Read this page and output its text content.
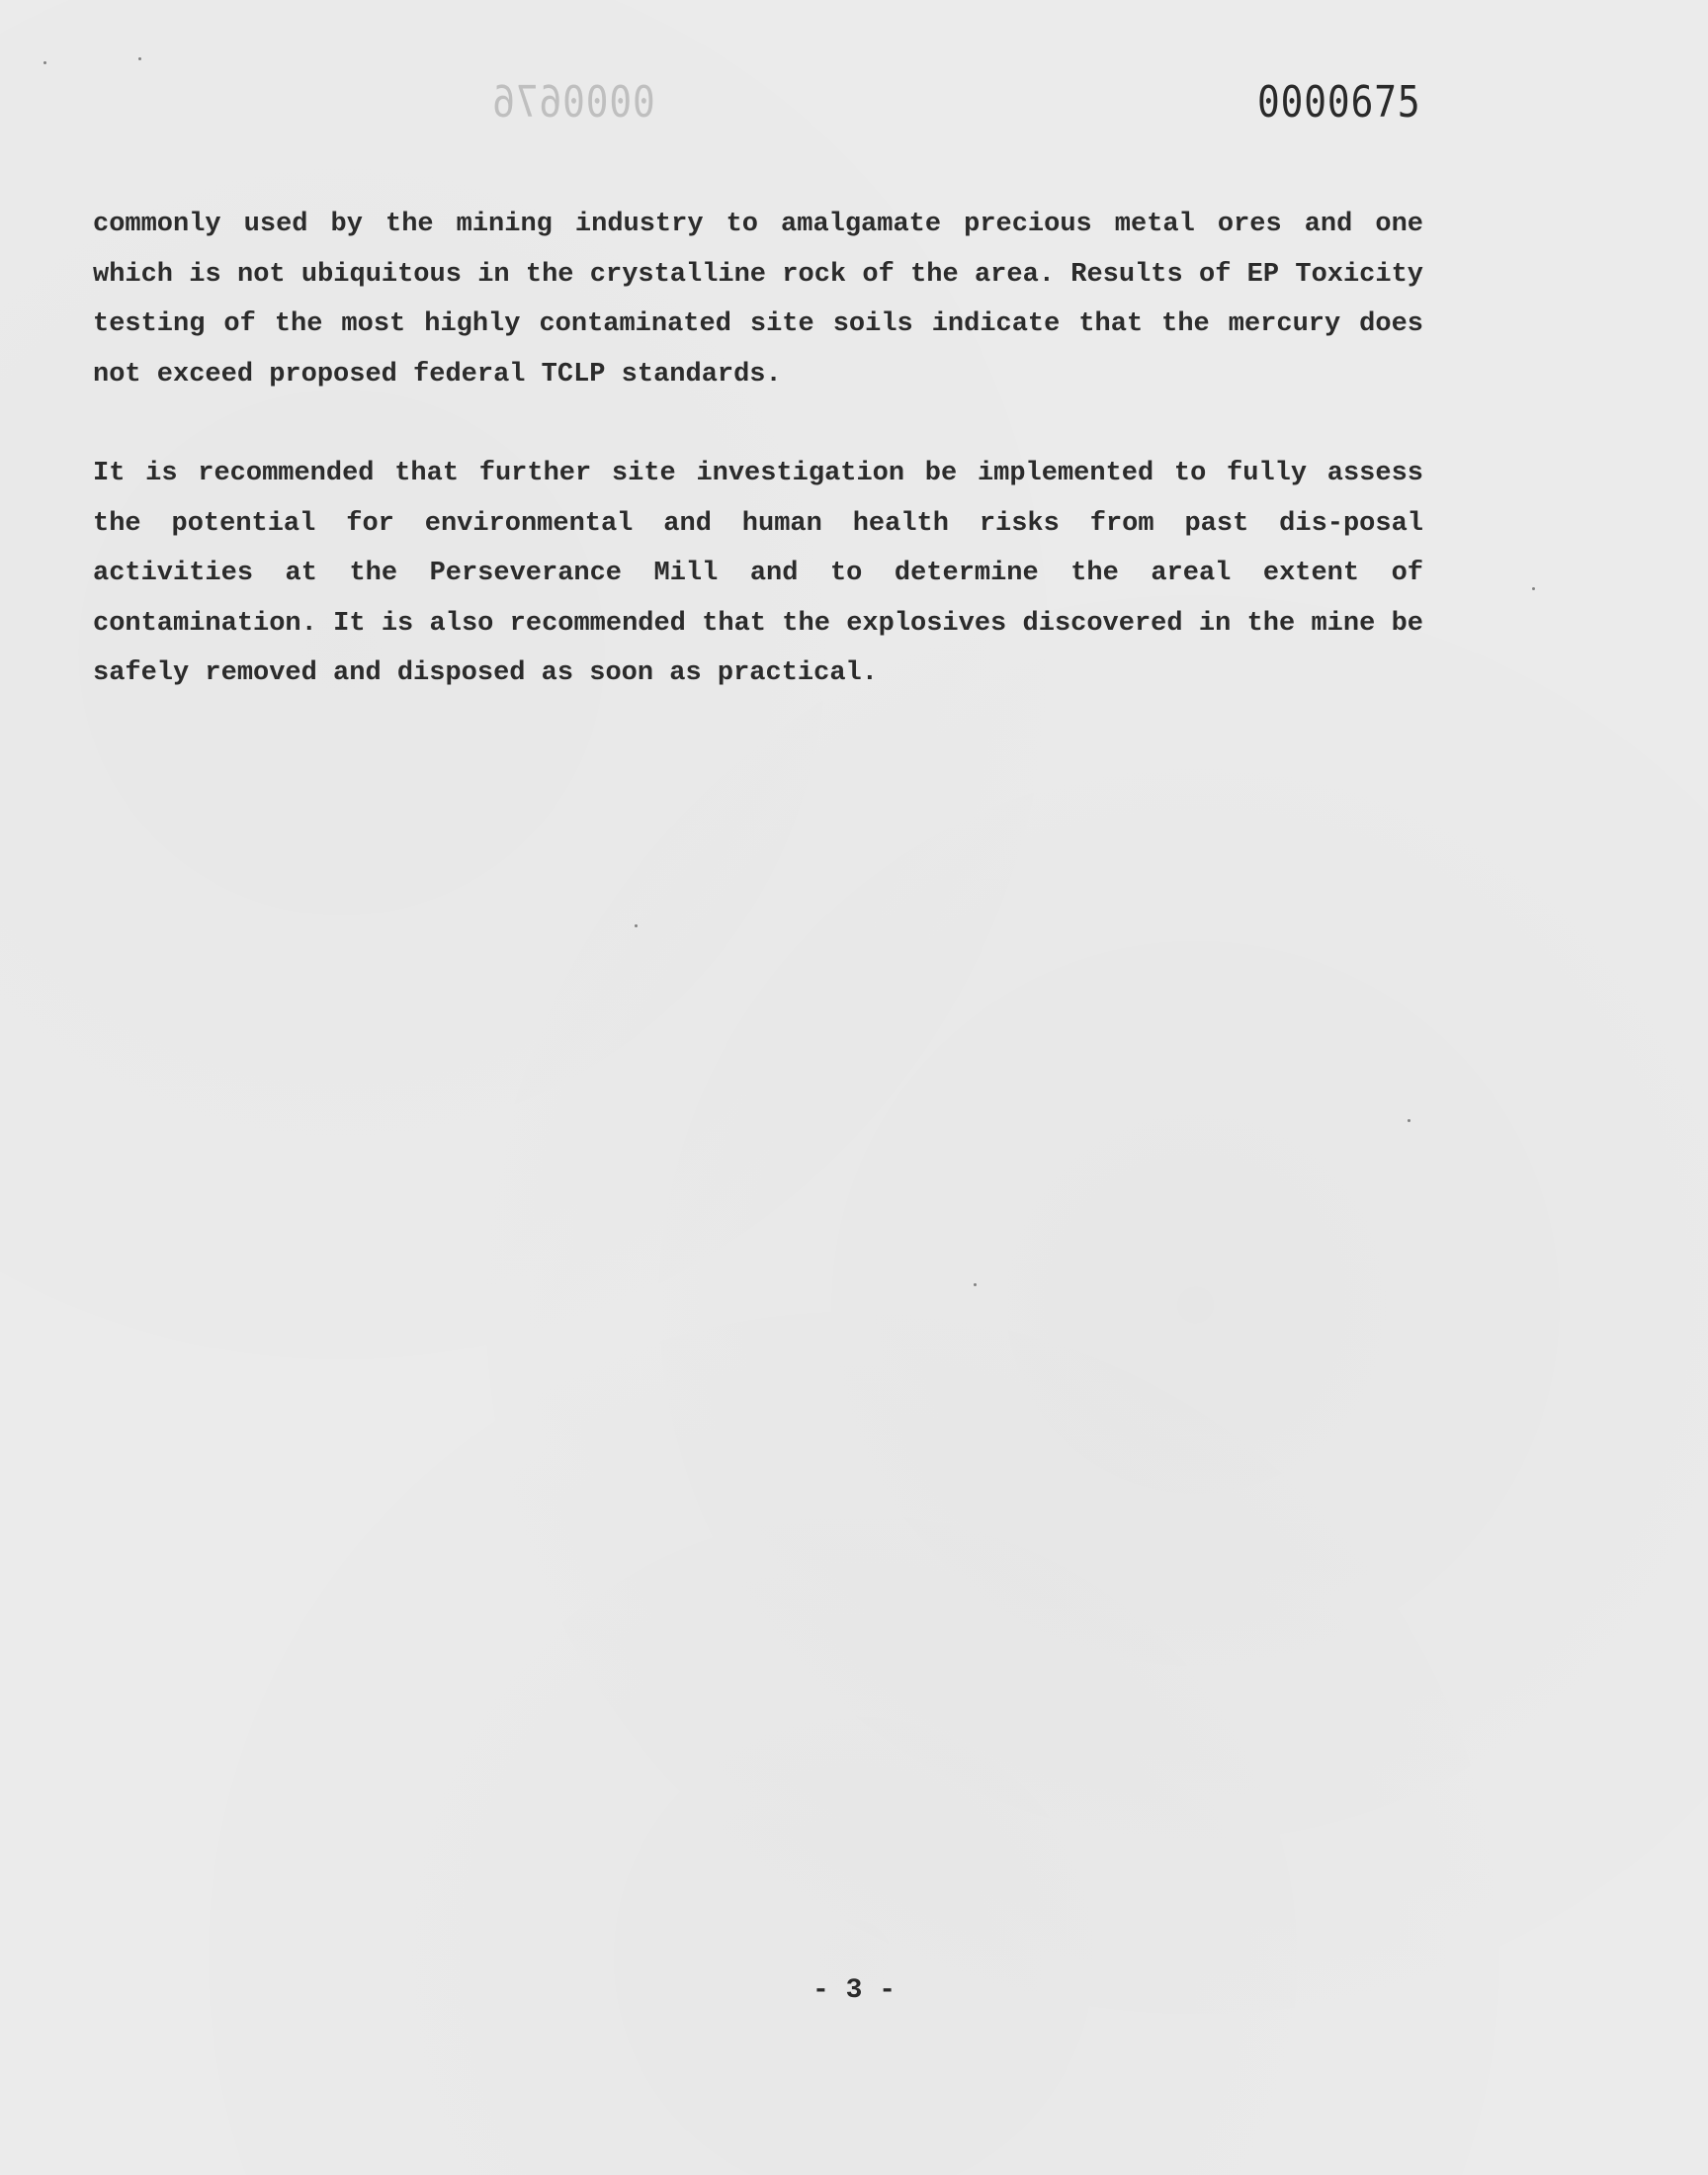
0000676	0000675

commonly used by the mining industry to amalgamate precious metal ores and one which is not ubiquitous in the crystalline rock of the area. Results of EP Toxicity testing of the most highly contaminated site soils indicate that the mercury does not exceed proposed federal TCLP standards.

It is recommended that further site investigation be implemented to fully assess the potential for environmental and human health risks from past dis-posal activities at the Perseverance Mill and to determine the areal extent of contamination. It is also recommended that the explosives discovered in the mine be safely removed and disposed as soon as practical.

- 3 -
